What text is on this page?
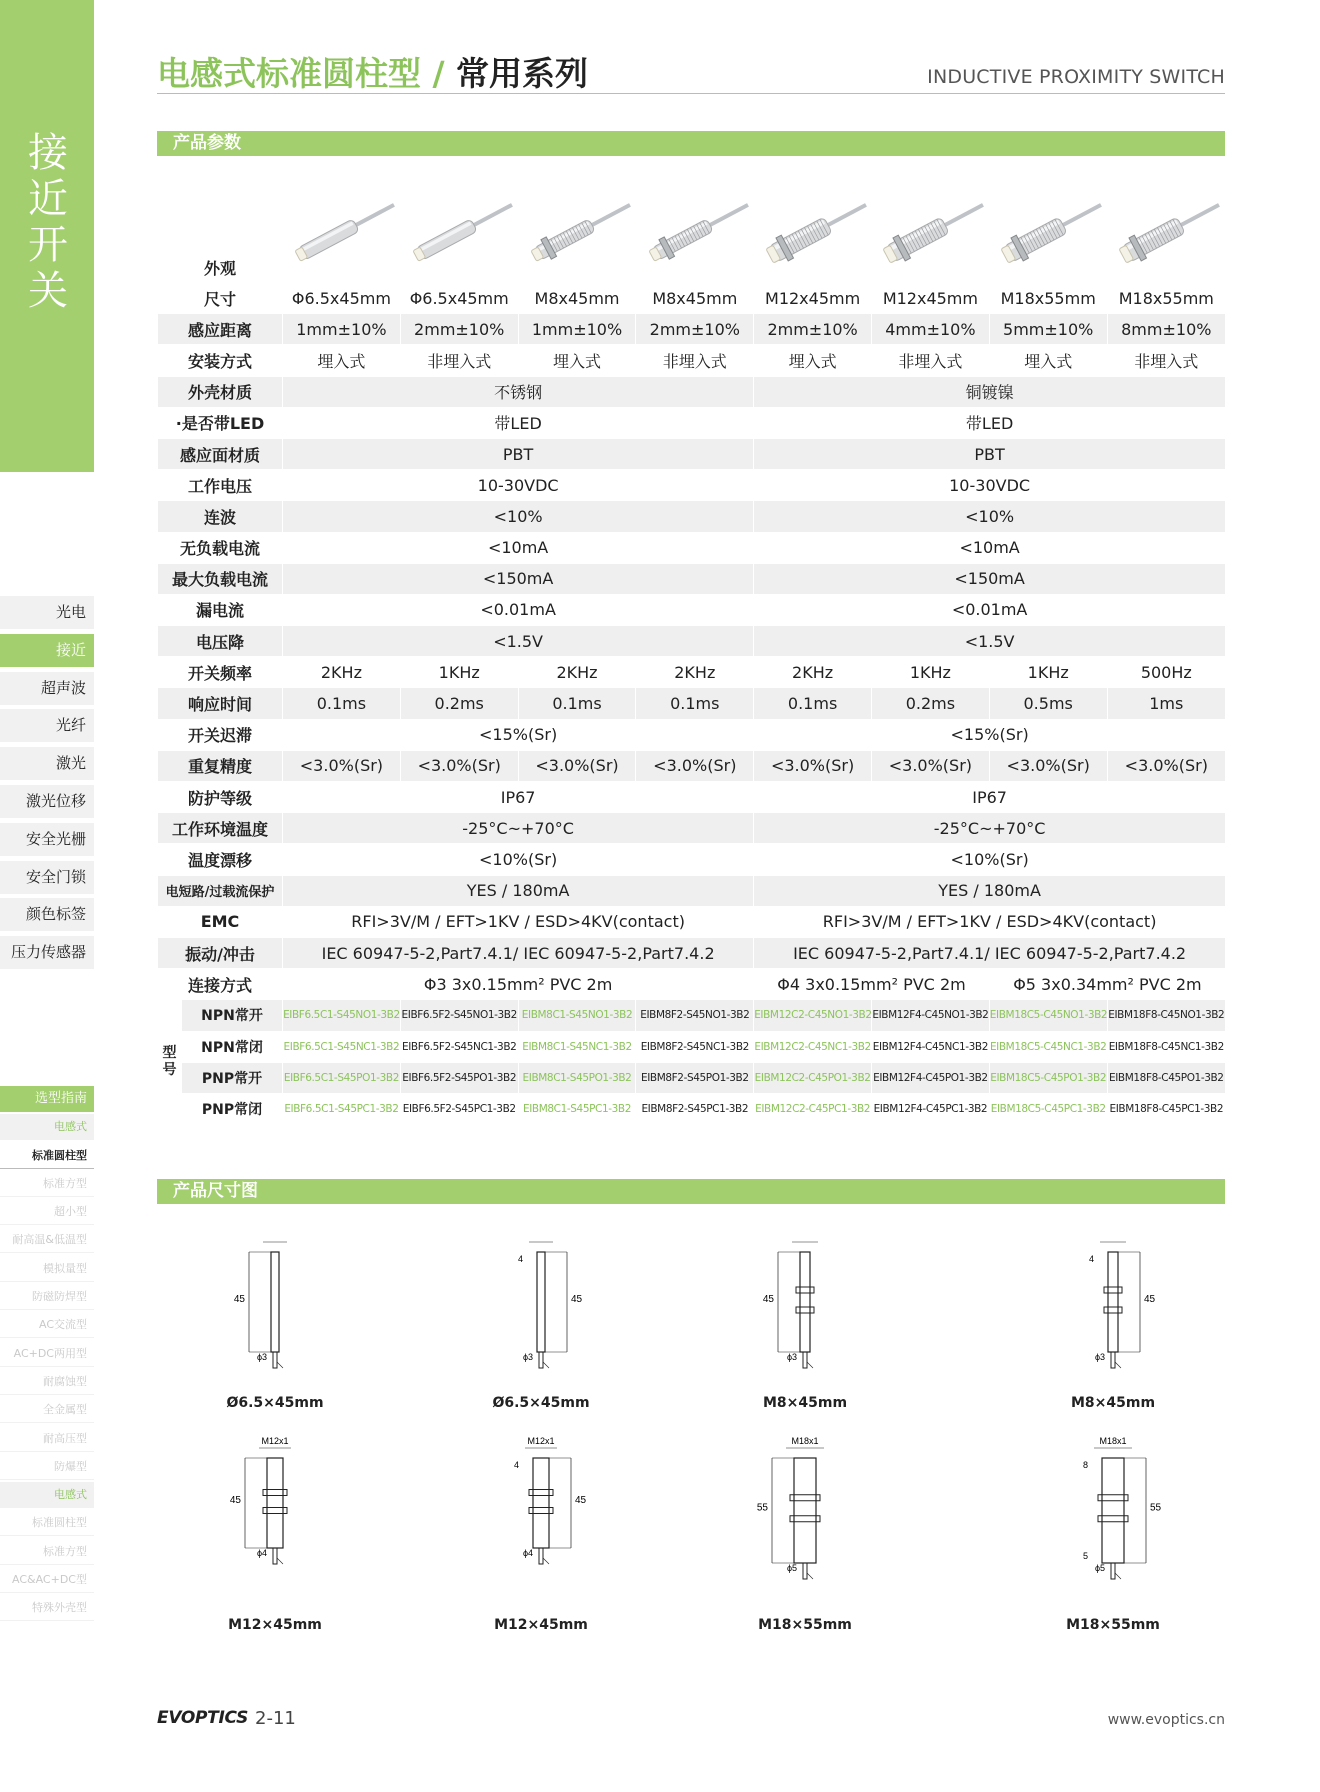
接
近
开
关
光电
接近
超声波
光纤
激光
激光位移
安全光栅
安全门锁
颜色标签
压力传感器
选型指南
电感式
标准圆柱型
标准方型
超小型
耐高温&低温型
模拟量型
防磁防焊型
AC交流型
AC+DC两用型
耐腐蚀型
全金属型
耐高压型
防爆型
电感式
标准圆柱型
标准方型
AC&AC+DC型
特殊外壳型
电感式标准圆柱型 / 常用系列	INDUCTIVE PROXIMITY SWITCH
产品参数
外观	

尺寸		Φ6.5x45mm	Φ6.5x45mm	M8x45mm	M8x45mm	M12x45mm	M12x45mm	M18x55mm	M18x55mm
感应距离		1mm±10%	2mm±10%	1mm±10%	2mm±10%	2mm±10%	4mm±10%	5mm±10%	8mm±10%
安装方式		埋入式	非埋入式	埋入式	非埋入式	埋入式	非埋入式	埋入式	非埋入式
外壳材质		不锈钢				铜镀镍			
·是否带LED		带LED				带LED			
感应面材质		PBT				PBT			
工作电压		10-30VDC				10-30VDC			
连波		<10%				<10%			
无负载电流		<10mA				<10mA			
最大负载电流		<150mA				<150mA			
漏电流		<0.01mA				<0.01mA			
电压降		<1.5V				<1.5V			
开关频率		2KHz	1KHz	2KHz	2KHz	2KHz	1KHz	1KHz	500Hz
响应时间		0.1ms	0.2ms	0.1ms	0.1ms	0.1ms	0.2ms	0.5ms	1ms
开关迟滞		<15%(Sr)				<15%(Sr)			
重复精度		<3.0%(Sr)	<3.0%(Sr)	<3.0%(Sr)	<3.0%(Sr)	<3.0%(Sr)	<3.0%(Sr)	<3.0%(Sr)	<3.0%(Sr)
防护等级		IP67				IP67			
工作环境温度		-25°C~+70°C				-25°C~+70°C			
温度漂移		<10%(Sr)				<10%(Sr)			
电短路/过载流保护		YES / 180mA				YES / 180mA			
EMC		RFI>3V/M / EFT>1KV / ESD>4KV(contact)				RFI>3V/M / EFT>1KV / ESD>4KV(contact)			
振动/冲击		IEC 60947-5-2,Part7.4.1/ IEC 60947-5-2,Part7.4.2				IEC 60947-5-2,Part7.4.1/ IEC 60947-5-2,Part7.4.2			
连接方式		Φ3 3x0.15mm² PVC 2m				Φ4 3x0.15mm² PVC 2m		Φ5 3x0.34mm² PVC 2m	
型号	NPN常开	EIBF6.5C1-S45NO1-3B2	EIBF6.5F2-S45NO1-3B2	EIBM8C1-S45NO1-3B2	EIBM8F2-S45NO1-3B2	EIBM12C2-C45NO1-3B2	EIBM12F4-C45NO1-3B2	EIBM18C5-C45NO1-3B2	EIBM18F8-C45NO1-3B2
	NPN常闭	EIBF6.5C1-S45NC1-3B2	EIBF6.5F2-S45NC1-3B2	EIBM8C1-S45NC1-3B2	EIBM8F2-S45NC1-3B2	EIBM12C2-C45NC1-3B2	EIBM12F4-C45NC1-3B2	EIBM18C5-C45NC1-3B2	EIBM18F8-C45NC1-3B2
	PNP常开	EIBF6.5C1-S45PO1-3B2	EIBF6.5F2-S45PO1-3B2	EIBM8C1-S45PO1-3B2	EIBM8F2-S45PO1-3B2	EIBM12C2-C45PO1-3B2	EIBM12F4-C45PO1-3B2	EIBM18C5-C45PO1-3B2	EIBM18F8-C45PO1-3B2
	PNP常闭	EIBF6.5C1-S45PC1-3B2	EIBF6.5F2-S45PC1-3B2	EIBM8C1-S45PC1-3B2	EIBM8F2-S45PC1-3B2	EIBM12C2-C45PC1-3B2	EIBM12F4-C45PC1-3B2	EIBM18C5-C45PC1-3B2	EIBM18F8-C45PC1-3B2
产品尺寸图
45
ϕ3
Ø6.5×45mm
45
4
ϕ3
Ø6.5×45mm
45
ϕ3
M8×45mm
45
4
ϕ3
M8×45mm
45
M12x1
ϕ4
M12×45mm
45
M12x1
4
ϕ4
M12×45mm
55
M18x1
ϕ5
M18×55mm
55
M18x1
8
5
ϕ5
M18×55mm
EVOPTICS 2-11	www.evoptics.cn
